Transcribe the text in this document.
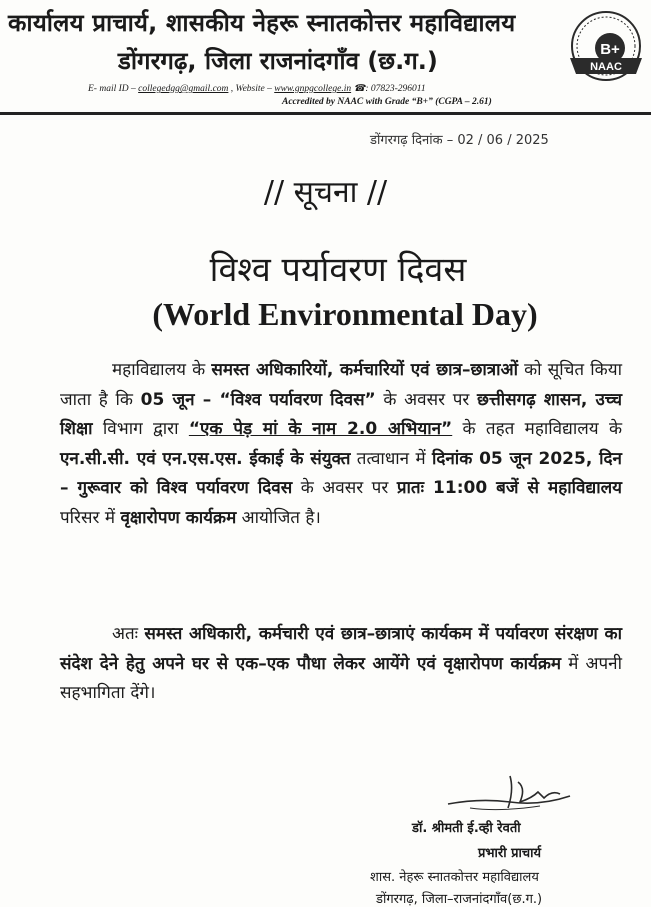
कार्यालय प्राचार्य, शासकीय नेहरू स्नातकोत्तर महाविद्यालय
डोंगरगढ़, जिला राजनांदगाँव (छ.ग.)
E- mail ID – collegedgg@gmail.com , Website – www.gnpgcollege.in ☎: 07823-296011
Accredited by NAAC with Grade “B+” (CGPA – 2.61)
B+
NAAC
डोंगरगढ़ दिनांक – 02 / 06 / 2025
// सूचना //
विश्व पर्यावरण दिवस
(World Environmental Day)
महाविद्यालय के समस्त अधिकारियों, कर्मचारियों एवं छात्र–छात्राओं को सूचित किया जाता है कि 05 जून – “विश्व पर्यावरण दिवस” के अवसर पर छत्तीसगढ़ शासन, उच्च शिक्षा विभाग द्वारा “एक पेड़ मां के नाम 2.0 अभियान” के तहत महाविद्यालय के एन.सी.सी. एवं एन.एस.एस. ईकाई के संयुक्त तत्वाधान में दिनांक 05 जून 2025, दिन – गुरूवार को विश्व पर्यावरण दिवस के अवसर पर प्रातः 11:00 बजें से महाविद्यालय परिसर में वृक्षारोपण कार्यक्रम आयोजित है।
अतः समस्त अधिकारी, कर्मचारी एवं छात्र–छात्राएं कार्यकम में पर्यावरण संरक्षण का संदेश देने हेतु अपने घर से एक–एक पौधा लेकर आयेंगे एवं वृक्षारोपण कार्यक्रम में अपनी सहभागिता देंगे।
डॉ. श्रीमती ई.व्ही रेवती
प्रभारी प्राचार्य
शास. नेहरू स्नातकोत्तर महाविद्यालय
डोंगरगढ़, जिला–राजनांदगाँव(छ.ग.)
